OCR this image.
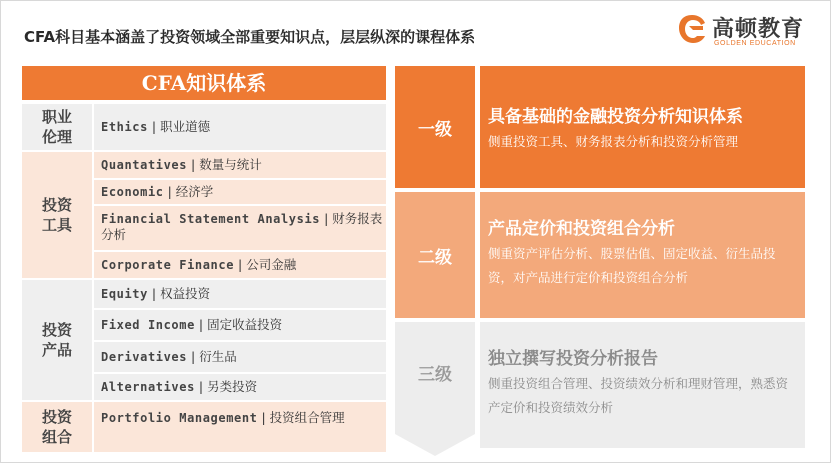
CFA科目基本涵盖了投资领域全部重要知识点，层层纵深的课程体系	高顿教育
GOLDEN EDUCATION
CFA知识体系
职业伦理
Ethics | 职业道德
投资工具
Quantatives | 数量与统计
Economic | 经济学
Financial Statement Analysis | 财务报表分析
Corporate Finance | 公司金融
投资产品
Equity | 权益投资
Fixed Income | 固定收益投资
Derivatives | 衍生品
Alternatives | 另类投资
投资组合
Portfolio Management | 投资组合管理
一级
具备基础的金融投资分析知识体系
侧重投资工具、财务报表分析和投资分析管理
二级
产品定价和投资组合分析
侧重资产评估分析、股票估值、固定收益、衍生品投资，对产品进行定价和投资组合分析
三级
独立撰写投资分析报告
侧重投资组合管理、投资绩效分析和理财管理，熟悉资产定价和投资绩效分析
